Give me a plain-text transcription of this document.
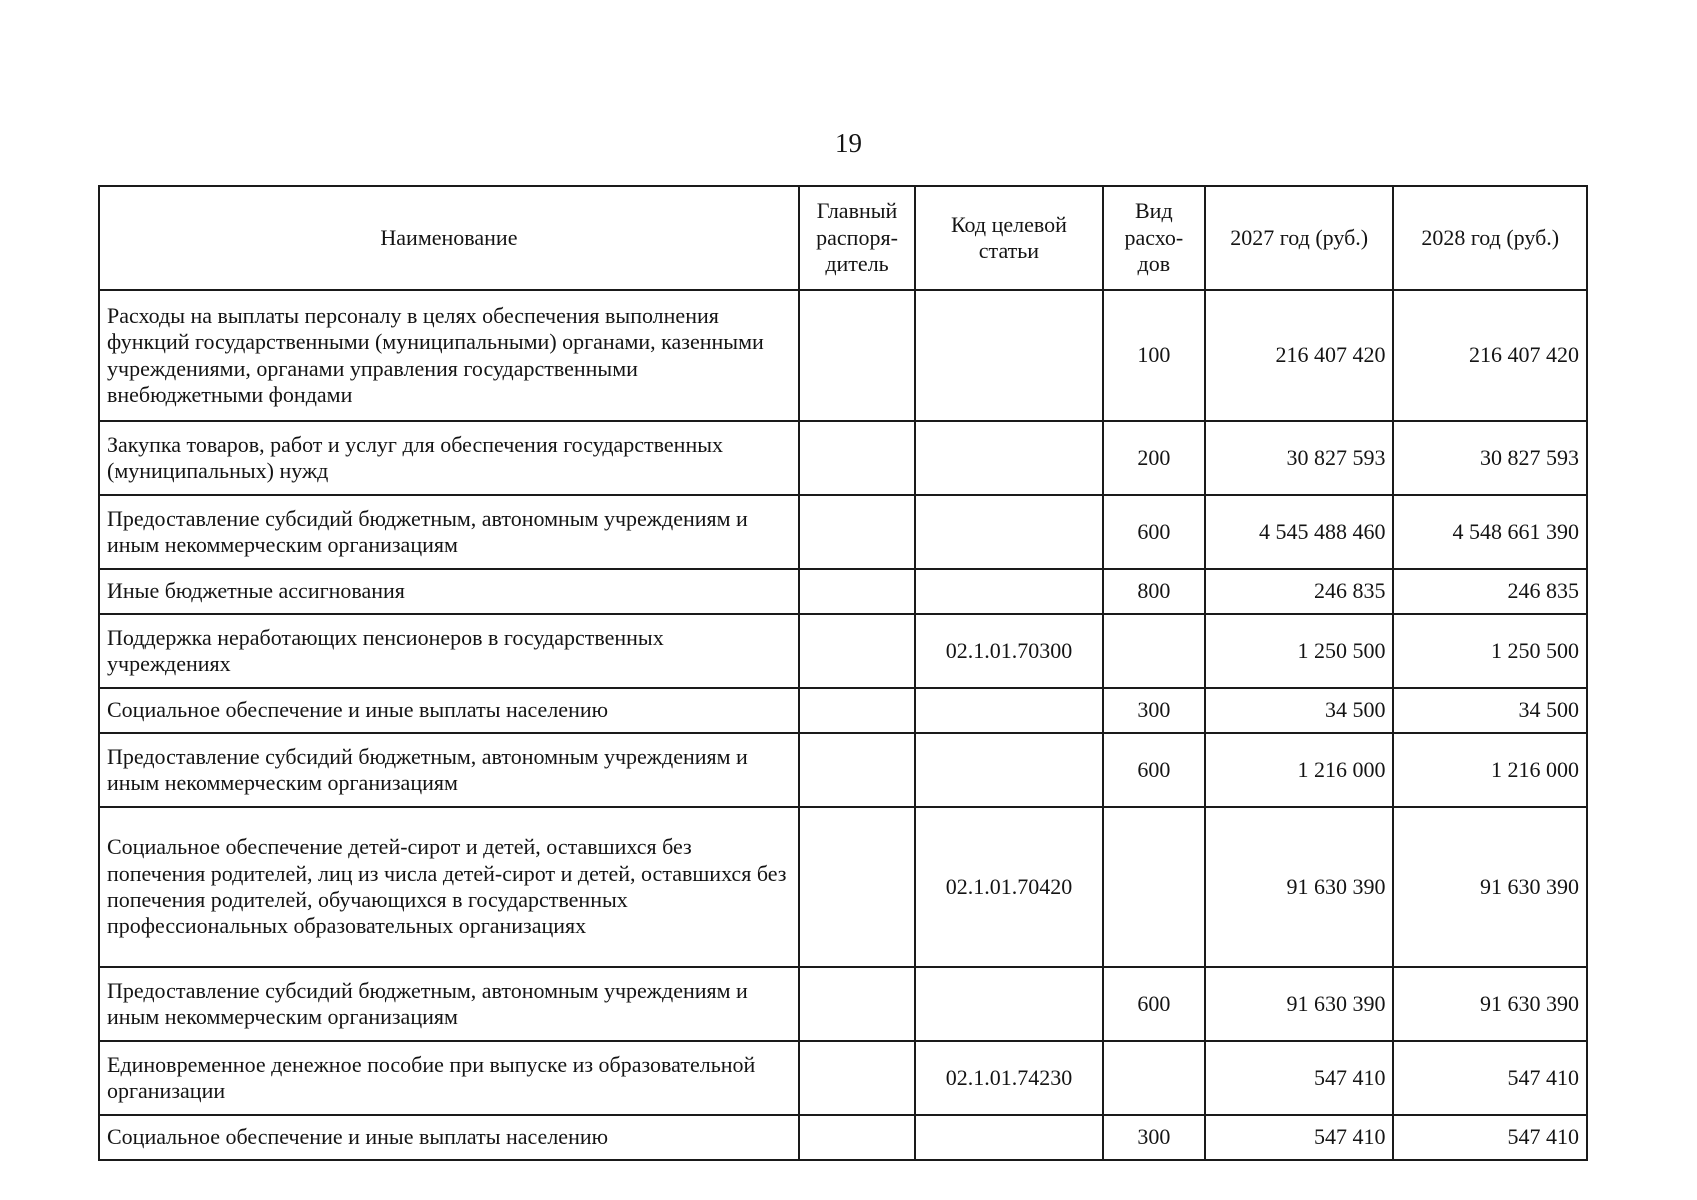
19
Наименование	Главный распоря-дитель	Код целевой статьи	Вид расхо-дов	2027 год (руб.)	2028 год (руб.)
Расходы на выплаты персоналу в целях обеспечения выполнения функций государственными (муниципальными) органами, казенными учреждениями, органами управления государственными внебюджетными фондами			100	216 407 420	216 407 420
Закупка товаров, работ и услуг для обеспечения государственных (муниципальных) нужд			200	30 827 593	30 827 593
Предоставление субсидий бюджетным, автономным учреждениям и иным некоммерческим организациям			600	4 545 488 460	4 548 661 390
Иные бюджетные ассигнования			800	246 835	246 835
Поддержка неработающих пенсионеров в государственных учреждениях		02.1.01.70300		1 250 500	1 250 500
Социальное обеспечение и иные выплаты населению			300	34 500	34 500
Предоставление субсидий бюджетным, автономным учреждениям и иным некоммерческим организациям			600	1 216 000	1 216 000
Социальное обеспечение детей-сирот и детей, оставшихся без попечения родителей, лиц из числа детей-сирот и детей, оставшихся без попечения родителей, обучающихся в государственных профессиональных образовательных организациях		02.1.01.70420		91 630 390	91 630 390
Предоставление субсидий бюджетным, автономным учреждениям и иным некоммерческим организациям			600	91 630 390	91 630 390
Единовременное денежное пособие при выпуске из образовательной организации		02.1.01.74230		547 410	547 410
Социальное обеспечение и иные выплаты населению			300	547 410	547 410
